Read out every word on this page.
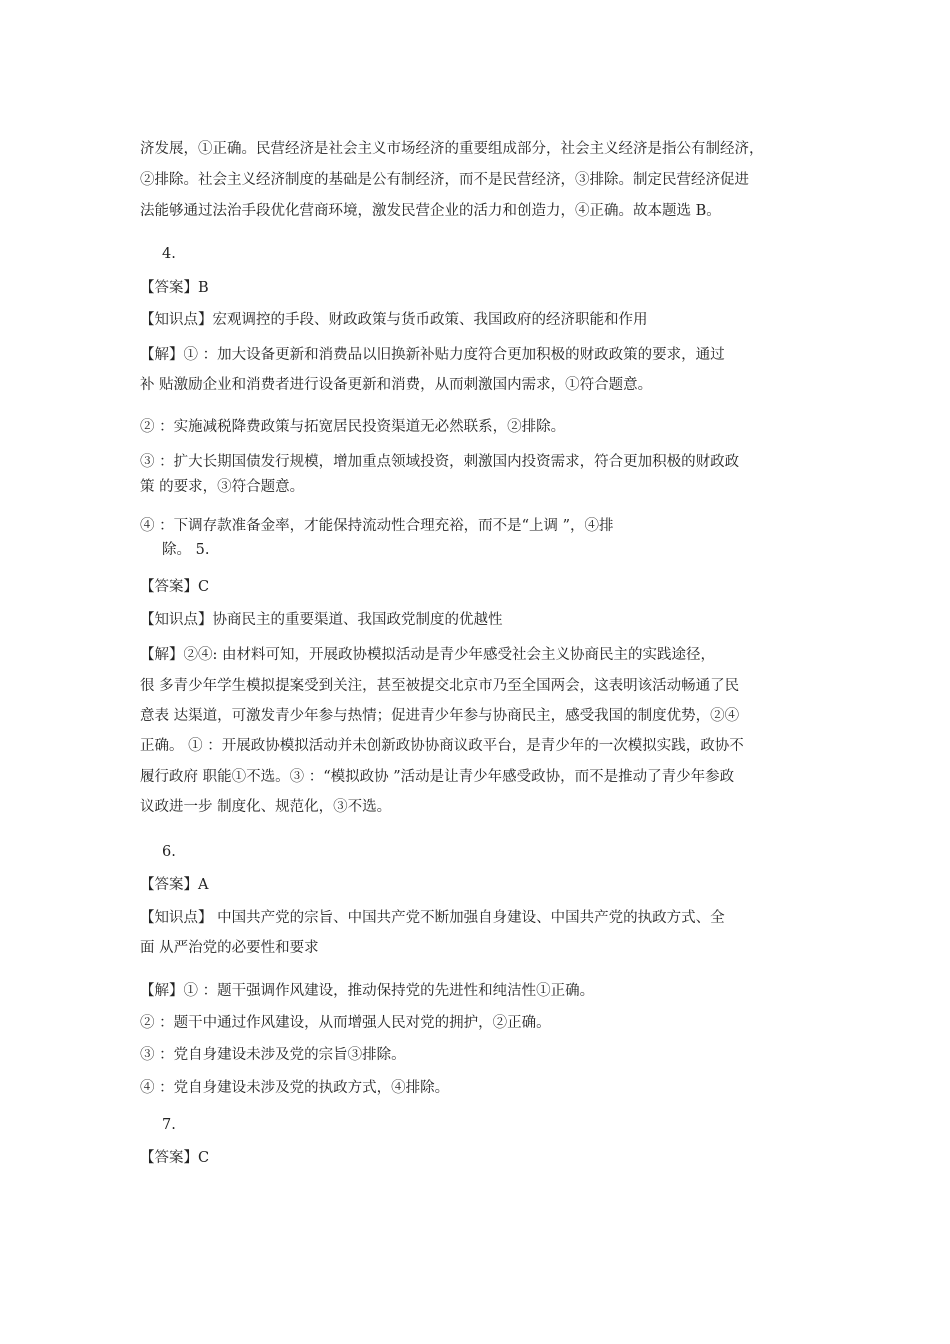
济发展，①正确。民营经济是社会主义市场经济的重要组成部分，社会主义经济是指公有制经济，
②排除。社会主义经济制度的基础是公有制经济，而不是民营经济，③排除。制定民营经济促进
法能够通过法治手段优化营商环境，激发民营企业的活力和创造力，④正确。故本题选 B。
4.
【答案】B
【知识点】宏观调控的手段、财政政策与货币政策、我国政府的经济职能和作用
【解】① ：加大设备更新和消费品以旧换新补贴力度符合更加积极的财政政策的要求，通过
补 贴激励企业和消费者进行设备更新和消费，从而刺激国内需求，①符合题意。
② ：实施减税降费政策与拓宽居民投资渠道无必然联系，②排除。
③ ：扩大长期国债发行规模，增加重点领域投资，刺激国内投资需求，符合更加积极的财政政
策 的要求，③符合题意。
④ ：下调存款准备金率，才能保持流动性合理充裕，而不是“上调 ”，④排
除。 5.
【答案】C
【知识点】协商民主的重要渠道、我国政党制度的优越性
【解】②④: 由材料可知，开展政协模拟活动是青少年感受社会主义协商民主的实践途径，
很 多青少年学生模拟提案受到关注，甚至被提交北京市乃至全国两会，这表明该活动畅通了民
意表 达渠道，可激发青少年参与热情；促进青少年参与协商民主，感受我国的制度优势，②④
正确。 ① ：开展政协模拟活动并未创新政协协商议政平台，是青少年的一次模拟实践，政协不
履行政府 职能①不选。③ ：“模拟政协 ”活动是让青少年感受政协，而不是推动了青少年参政
议政进一步 制度化、规范化，③不选。
6.
【答案】A
【知识点】 中国共产党的宗旨、中国共产党不断加强自身建设、中国共产党的执政方式、全
面 从严治党的必要性和要求
【解】① ：题干强调作风建设，推动保持党的先进性和纯洁性①正确。
② ：题干中通过作风建设，从而增强人民对党的拥护，②正确。
③ ：党自身建设未涉及党的宗旨③排除。
④ ：党自身建设未涉及党的执政方式，④排除。
7.
【答案】C
